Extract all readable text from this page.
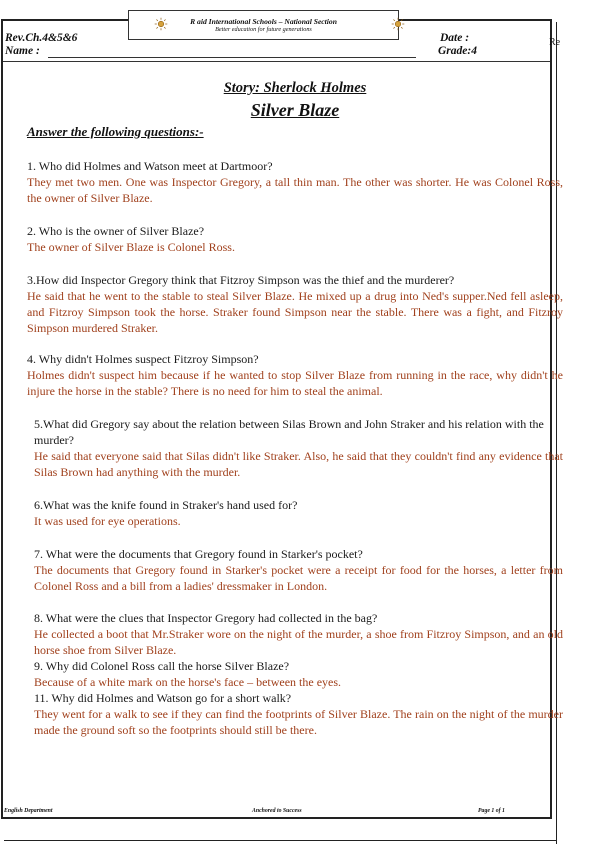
R aid International Schools – National Section
Better education for future generations
Rev.Ch.4&5&6
Name :
Date :
Grade:4
Re
Story: Sherlock Holmes
Silver Blaze
Answer the following questions:-
1. Who did Holmes and Watson meet at Dartmoor?
They met two men. One was Inspector Gregory, a tall thin man. The other was shorter. He was Colonel Ross, the owner of Silver Blaze.
2. Who is the owner of Silver Blaze?
The owner of Silver Blaze is Colonel Ross.
3.How did Inspector Gregory think that Fitzroy Simpson was the thief and the murderer?
He said that he went to the stable to steal Silver Blaze. He mixed up a drug into Ned's supper.Ned fell asleep, and Fitzroy Simpson took the horse. Straker found Simpson near the stable. There was a fight, and Fitzroy Simpson murdered Straker.
4. Why didn't Holmes suspect Fitzroy Simpson?
Holmes didn't suspect him because if he wanted to stop Silver Blaze from running in the race, why didn't he injure the horse in the stable? There is no need for him to steal the animal.
5.What did Gregory say about the relation between Silas Brown and John Straker and his relation with the murder?
He said that everyone said that Silas didn't like Straker. Also, he said that they couldn't find any evidence that Silas Brown had anything with the murder.
6.What was the knife found in Straker's hand used for?
It was used for eye operations.
7. What were the documents that Gregory found in Starker's pocket?
The documents that Gregory found in Starker's pocket were a receipt for food for the horses, a letter from Colonel Ross and a bill from a ladies' dressmaker in London.
8. What were the clues that Inspector Gregory had collected in the bag?
He collected a boot that Mr.Straker wore on the night of the murder, a shoe from Fitzroy Simpson, and an old horse shoe from Silver Blaze.
9. Why did Colonel Ross call the horse Silver Blaze?
Because of a white mark on the horse's face – between the eyes.
11. Why did Holmes and Watson go for a short walk?
They went for a walk to see if they can find the footprints of Silver Blaze. The rain on the night of the murder made the ground soft so the footprints should still be there.
English Department	Anchored to Success	Page 1 of 1
